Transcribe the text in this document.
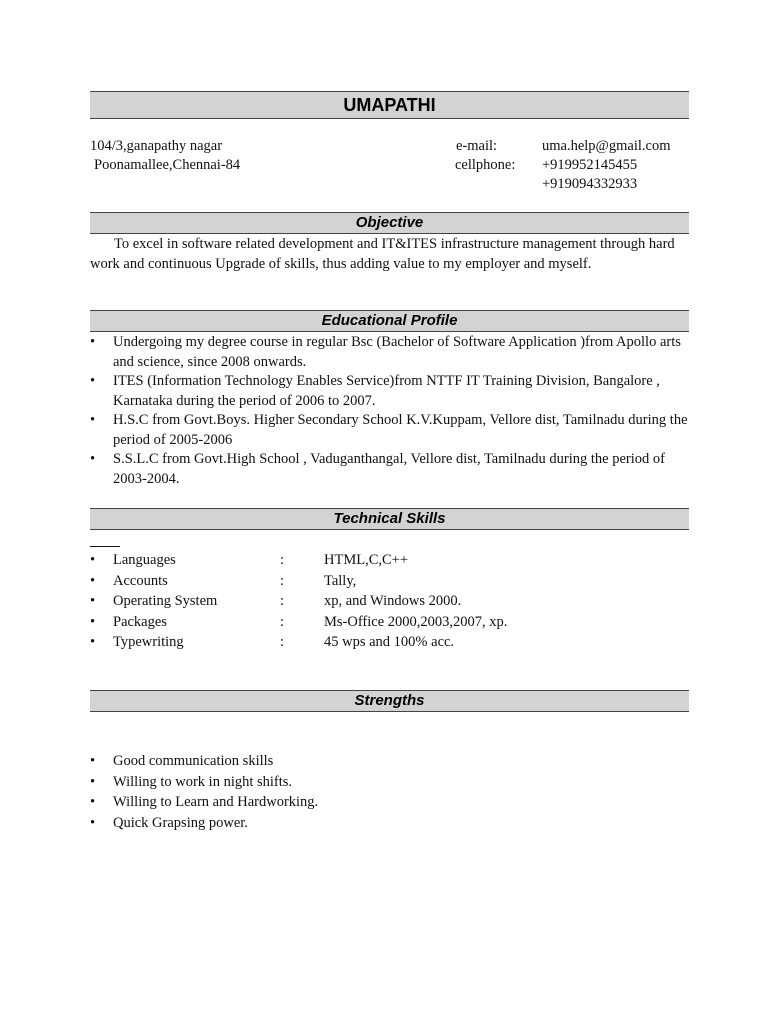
UMAPATHI
104/3,ganapathy nagar
Poonamallee,Chennai-84
e-mail:	uma.help@gmail.com
cellphone: +919952145455
+919094332933
Objective
To excel in software related development and IT&ITES infrastructure management through hard work and continuous Upgrade of skills, thus adding value to my employer and myself.
Educational Profile
• Undergoing my degree course in regular Bsc (Bachelor of Software Application )from Apollo arts and science, since 2008 onwards.
• ITES (Information Technology Enables Service)from NTTF IT Training Division, Bangalore , Karnataka during the period of 2006 to 2007.
• H.S.C from Govt.Boys. Higher Secondary School K.V.Kuppam, Vellore dist, Tamilnadu during the period of 2005-2006
• S.S.L.C from Govt.High School , Vaduganthangal, Vellore dist, Tamilnadu during the period of 2003-2004.
Technical Skills
• Languages	:	HTML,C,C++
• Accounts	:	Tally,
• Operating System	:	xp, and Windows 2000.
• Packages	:	Ms-Office 2000,2003,2007, xp.
• Typewriting	:	45 wps and 100% acc.
Strengths
• Good communication skills
• Willing to work in night shifts.
• Willing to Learn and Hardworking.
• Quick Grapsing power.
